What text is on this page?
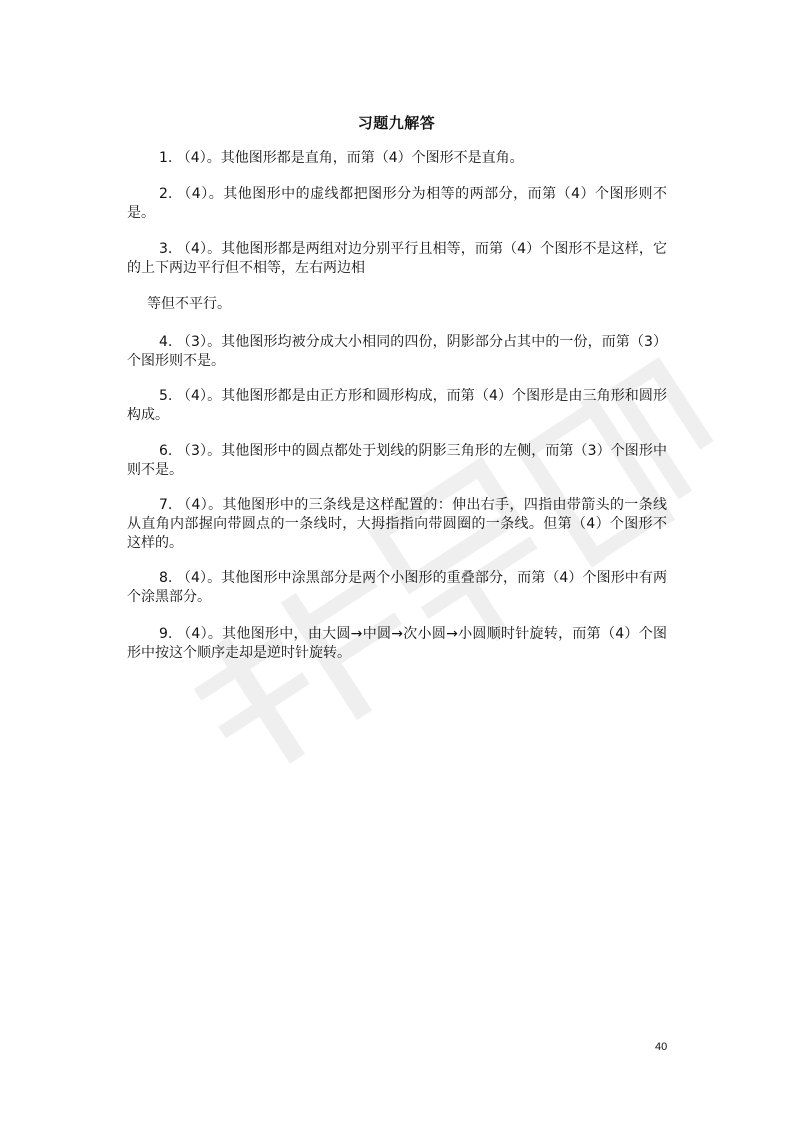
习题九解答

1. （4）。其他图形都是直角，而第（4）个图形不是直角。

2. （4）。其他图形中的虚线都把图形分为相等的两部分，而第（4）个图形则不是。

3. （4）。其他图形都是两组对边分别平行且相等，而第（4）个图形不是这样，它的上下两边平行但不相等，左右两边相

等但不平行。

4. （3）。其他图形均被分成大小相同的四份，阴影部分占其中的一份，而第（3）个图形则不是。

5. （4）。其他图形都是由正方形和圆形构成，而第（4）个图形是由三角形和圆形构成。

6. （3）。其他图形中的圆点都处于划线的阴影三角形的左侧，而第（3）个图形中则不是。

7. （4）。其他图形中的三条线是这样配置的：伸出右手，四指由带箭头的一条线从直角内部握向带圆点的一条线时，大拇指指向带圆圈的一条线。但第（4）个图形不这样的。

8. （4）。其他图形中涂黑部分是两个小图形的重叠部分，而第（4）个图形中有两个涂黑部分。

9. （4）。其他图形中，由大圆→中圆→次小圆→小圆顺时针旋转，而第（4）个图形中按这个顺序走却是逆时针旋转。

40
